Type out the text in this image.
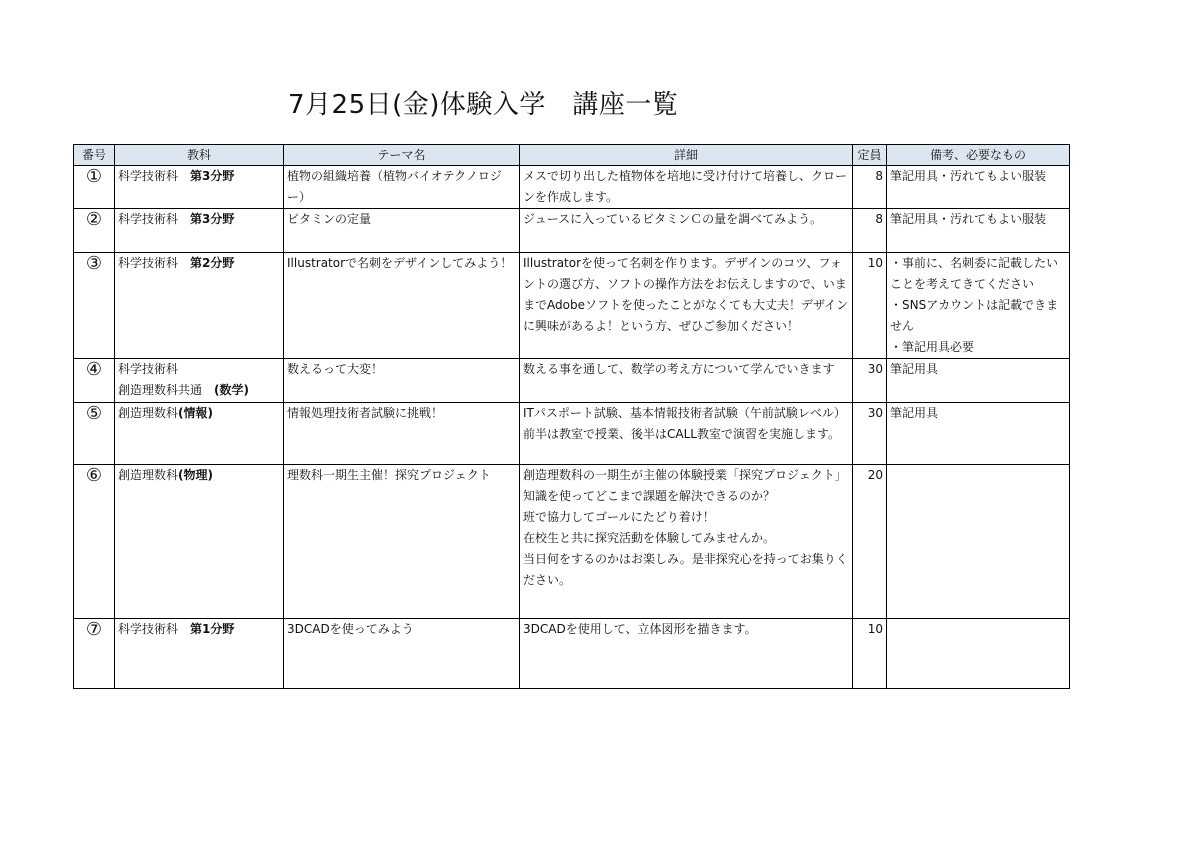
7月25日(金)体験入学　講座一覧
番号	教科	テーマ名	詳細	定員	備考、必要なもの
①	科学技術科　第3分野	植物の組織培養（植物バイオテクノロジー）	メスで切り出した植物体を培地に受け付けて培養し、クローンを作成します。	8	筆記用具・汚れてもよい服装

②	科学技術科　第3分野	ビタミンの定量	ジュースに入っているビタミンＣの量を調べてみよう。	8	筆記用具・汚れてもよい服装

③	科学技術科　第2分野	Illustratorで名刺をデザインしてみよう！	Illustratorを使って名刺を作ります。デザインのコツ、フォントの選び方、ソフトの操作方法をお伝えしますので、いままでAdobeソフトを使ったことがなくても大丈夫！デザインに興味があるよ！という方、ぜひご参加ください！	10	・事前に、名刺委に記載したいことを考えてきてください
・SNSアカウントは記載できません
・筆記用具必要

④	科学技術科
創造理数科共通　(数学)	数えるって大変！	数える事を通して、数学の考え方について学んでいきます	30	筆記用具

⑤	創造理数科(情報)	情報処理技術者試験に挑戦！	ITパスポート試験、基本情報技術者試験（午前試験レベル）前半は教室で授業、後半はCALL教室で演習を実施します。	30	筆記用具

⑥	創造理数科(物理)	理数科一期生主催！探究プロジェクト	創造理数科の一期生が主催の体験授業「探究プロジェクト」
知識を使ってどこまで課題を解決できるのか？
班で協力してゴールにたどり着け！
在校生と共に探究活動を体験してみませんか。
当日何をするのかはお楽しみ。是非探究心を持ってお集りください。	20	
⑦	科学技術科　第1分野	3DCADを使ってみよう	3DCADを使用して、立体図形を描きます。	10	
